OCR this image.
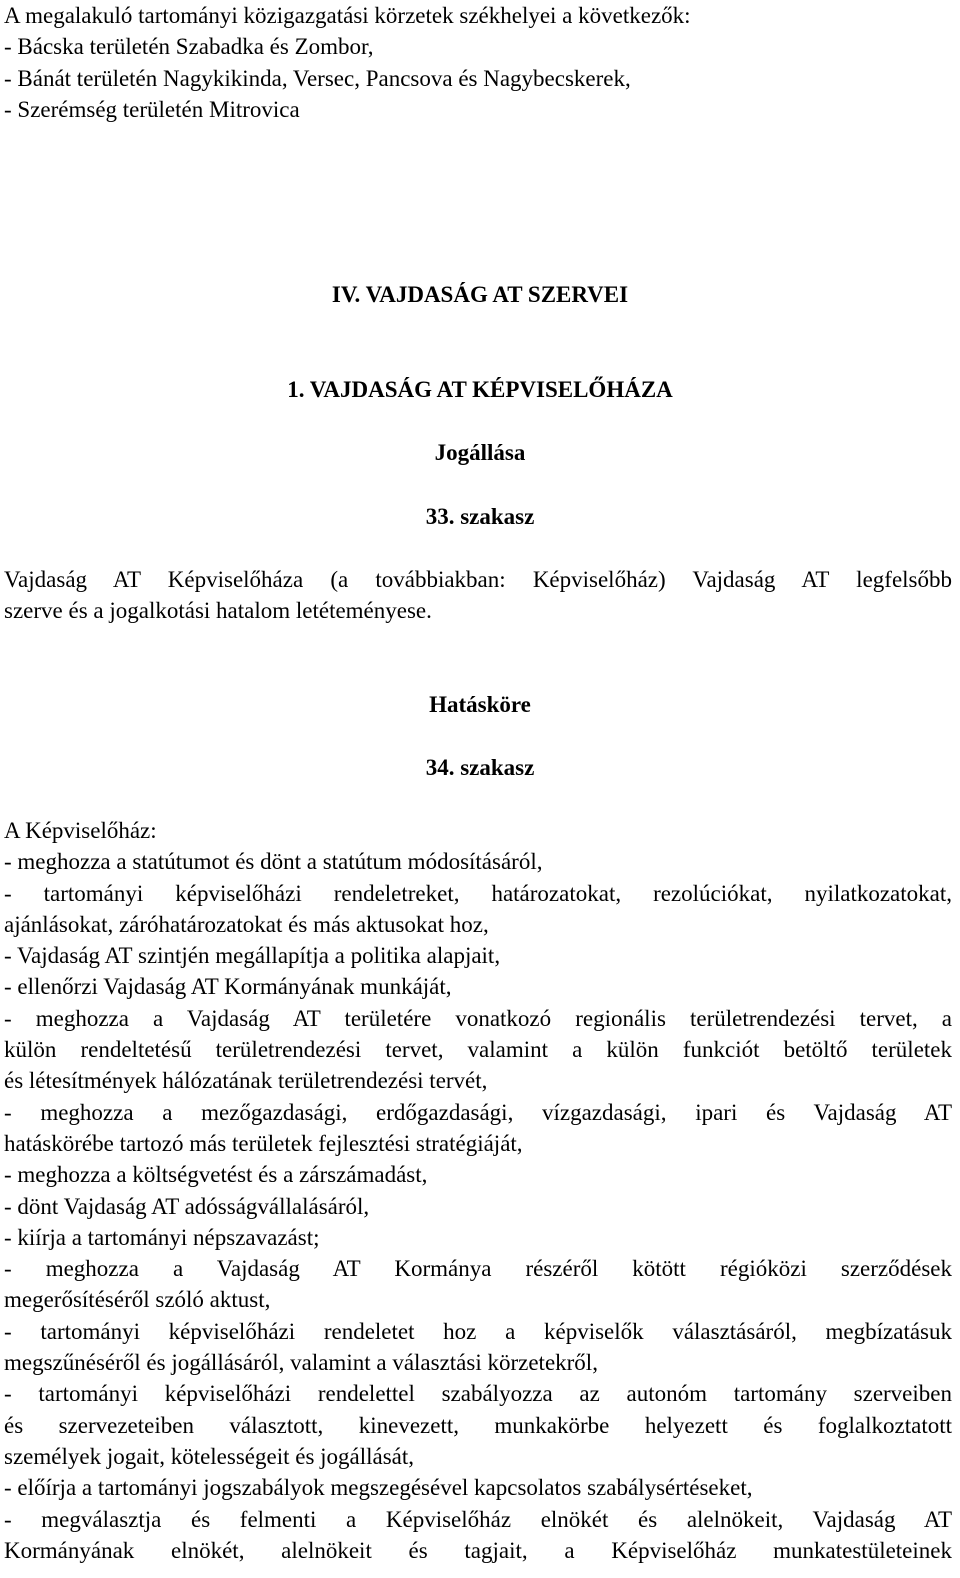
A megalakuló tartományi közigazgatási körzetek székhelyei a következők:
- Bácska területén Szabadka és Zombor,
- Bánát területén Nagykikinda, Versec, Pancsova és Nagybecskerek,
- Szerémség területén Mitrovica
IV. VAJDASÁG AT SZERVEI
1. VAJDASÁG AT KÉPVISELŐHÁZA
Jogállása
33. szakasz
Vajdaság AT Képviselőháza (a továbbiakban: Képviselőház) Vajdaság AT legfelsőbb
szerve és a jogalkotási hatalom letéteményese.
Hatásköre
34. szakasz
A Képviselőház:
- meghozza a statútumot és dönt a statútum módosításáról,
- tartományi képviselőházi rendeletreket, határozatokat, rezolúciókat, nyilatkozatokat,
ajánlásokat, záróhatározatokat és más aktusokat hoz,
- Vajdaság AT szintjén megállapítja a politika alapjait,
- ellenőrzi Vajdaság AT Kormányának munkáját,
- meghozza a Vajdaság AT területére vonatkozó regionális területrendezési tervet, a
külön rendeltetésű területrendezési tervet, valamint a külön funkciót betöltő területek
és létesítmények hálózatának területrendezési tervét,
- meghozza a mezőgazdasági, erdőgazdasági, vízgazdasági, ipari és Vajdaság AT
hatáskörébe tartozó más területek fejlesztési stratégiáját,
- meghozza a költségvetést és a zárszámadást,
- dönt Vajdaság AT adósságvállalásáról,
- kiírja a tartományi népszavazást;
- meghozza a Vajdaság AT Kormánya részéről kötött régióközi szerződések
megerősítéséről szóló aktust,
- tartományi képviselőházi rendeletet hoz a képviselők választásáról, megbízatásuk
megszűnéséről és jogállásáról, valamint a választási körzetekről,
- tartományi képviselőházi rendelettel szabályozza az autonóm tartomány szerveiben
és szervezeteiben választott, kinevezett, munkakörbe helyezett és foglalkoztatott
személyek jogait, kötelességeit és jogállását,
- előírja a tartományi jogszabályok megszegésével kapcsolatos szabálysértéseket,
- megválasztja és felmenti a Képviselőház elnökét és alelnökeit, Vajdaság AT
Kormányának elnökét, alelnökeit és tagjait, a Képviselőház munkatestületeinek
